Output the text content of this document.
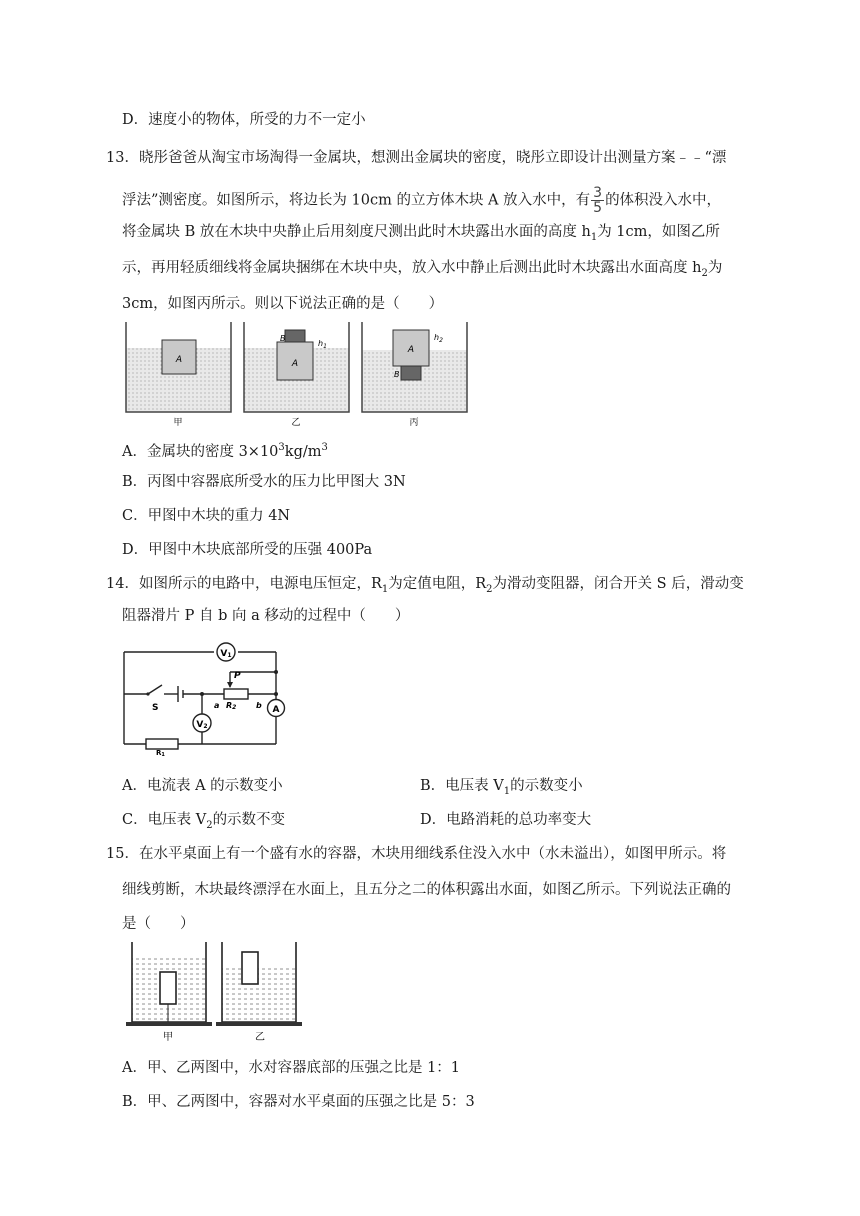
D．速度小的物体，所受的力不一定小
13．晓彤爸爸从淘宝市场淘得一金属块，想测出金属块的密度，晓彤立即设计出测量方案﹣﹣“漂
浮法”测密度。如图所示，将边长为 10cm 的立方体木块 A 放入水中，有 $\frac{3}{5}$ 的体积没入水中，
将金属块 B 放在木块中央静止后用刻度尺测出此时木块露出水面的高度 $h_1$为 1cm，如图乙所
示，再用轻质细线将金属块捆绑在木块中央，放入水中静止后测出此时木块露出水面高度 $h_2$为
3cm，如图丙所示。则以下说法正确的是（　　）
A
甲
B
A
$h_1$
乙
A
B
$h_2$
丙
A．金属块的密度 $3\times 10^3kg/m^3$
B．丙图中容器底所受水的压力比甲图大 3N
C．甲图中木块的重力 4N
D．甲图中木块底部所受的压强 400Pa
14．如图所示的电路中，电源电压恒定，$R_1$为定值电阻，$R_2$为滑动变阻器，闭合开关 S 后，滑动变
阻器滑片 P 自 b 向 a 移动的过程中（　　）
V1
V2
A
P
S	a R2 b
R1
A．电流表 A 的示数变小	B．电压表 $V_1$的示数变小
C．电压表 $V_2$的示数不变	D．电路消耗的总功率变大
15．在水平桌面上有一个盛有水的容器，木块用细线系住没入水中（水未溢出），如图甲所示。将
细线剪断，木块最终漂浮在水面上，且五分之二的体积露出水面，如图乙所示。下列说法正确的
是（　　）
甲	乙
A．甲、乙两图中，水对容器底部的压强之比是 1：1
B．甲、乙两图中，容器对水平桌面的压强之比是 5：3
